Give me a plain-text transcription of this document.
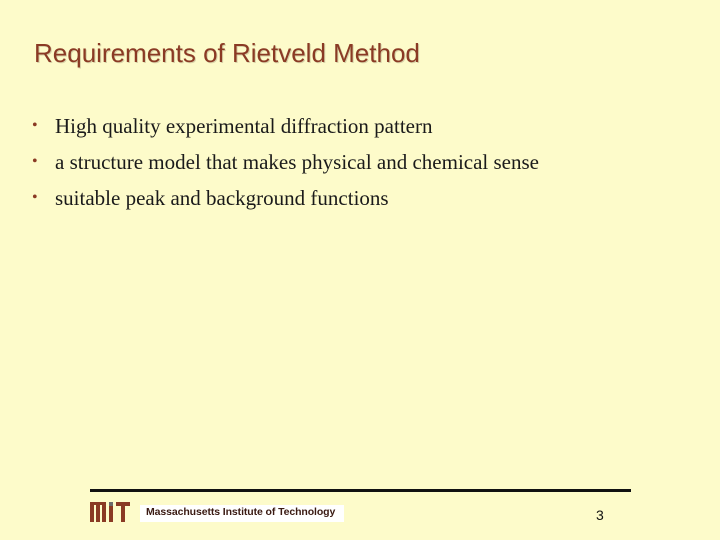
Requirements of Rietveld Method
• High quality experimental diffraction pattern
• a structure model that makes physical and chemical sense
• suitable peak and background functions
Massachusetts Institute of Technology	3
